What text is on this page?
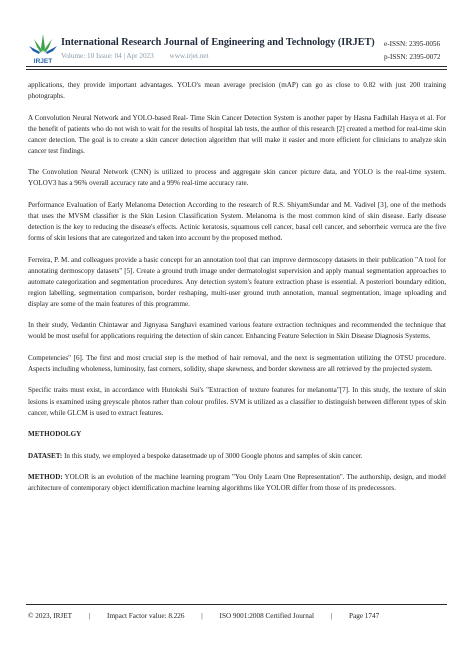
IRJET
International Research Journal of Engineering and Technology (IRJET)
Volume: 10 Issue: 04 | Apr 2023 www.irjet.net
e-ISSN: 2395-0056
p-ISSN: 2395-0072

applications, they provide important advantages. YOLO's mean average precision (mAP) can go as close to 0.82 with just 200 training photographs.

A Convolution Neural Network and YOLO-based Real- Time Skin Cancer Detection System is another paper by Hasna Fadhilah Hasya et al. For the benefit of patients who do not wish to wait for the results of hospital lab tests, the author of this research [2] created a method for real-time skin cancer detection. The goal is to create a skin cancer detection algorithm that will make it easier and more efficient for clinicians to analyze skin cancer test findings.

The Convolution Neural Network (CNN) is utilized to process and aggregate skin cancer picture data, and YOLO is the real-time system. YOLOV3 has a 96% overall accuracy rate and a 99% real-time accuracy rate.

Performance Evaluation of Early Melanoma Detection According to the research of R.S. ShiyamSundar and M. Vadivel [3], one of the methods that uses the MVSM classifier is the Skin Lesion Classification System. Melanoma is the most common kind of skin disease. Early disease detection is the key to reducing the disease's effects. Actinic keratosis, squamous cell cancer, basal cell cancer, and seborrheic verruca are the five forms of skin lesions that are categorized and taken into account by the proposed method.

Ferreira, P. M. and colleagues provide a basic concept for an annotation tool that can improve dermoscopy datasets in their publication "A tool for annotating dermoscopy datasets" [5]. Create a ground truth image under dermatologist supervision and apply manual segmentation approaches to automate categorization and segmentation procedures. Any detection system's feature extraction phase is essential. A posteriori boundary edition, region labelling, segmentation comparison, border reshaping, multi-user ground truth annotation, manual segmentation, image uploading and display are some of the main features of this programme.

In their study, Vedantin Chintawar and Jignyasa Sanghavi examined various feature extraction techniques and recommended the technique that would be most useful for applications requiring the detection of skin cancer. Enhancing Feature Selection in Skin Disease Diagnosis Systems.

Competencies" [6]. The first and most crucial step is the method of hair removal, and the next is segmentation utilizing the OTSU procedure. Aspects including wholeness, luminosity, fast corners, solidity, shape skewness, and border skewness are all retrieved by the projected system.

Specific traits must exist, in accordance with Hutokshi Sui's "Extraction of texture features for melanoma"[7]. In this study, the texture of skin lesions is examined using greyscale photos rather than colour profiles. SVM is utilized as a classifier to distinguish between different types of skin cancer, while GLCM is used to extract features.

METHODOLGY

DATASET: In this study, we employed a bespoke datasetmade up of 3000 Google photos and samples of skin cancer.

METHOD: YOLOR is an evolution of the machine learning program "You Only Learn One Representation". The authorship, design, and model architecture of contemporary object identification machine learning algorithms like YOLOR differ from those of its predecessors.

© 2023, IRJET | Impact Factor value: 8.226 | ISO 9001:2008 Certified Journal | Page 1747
